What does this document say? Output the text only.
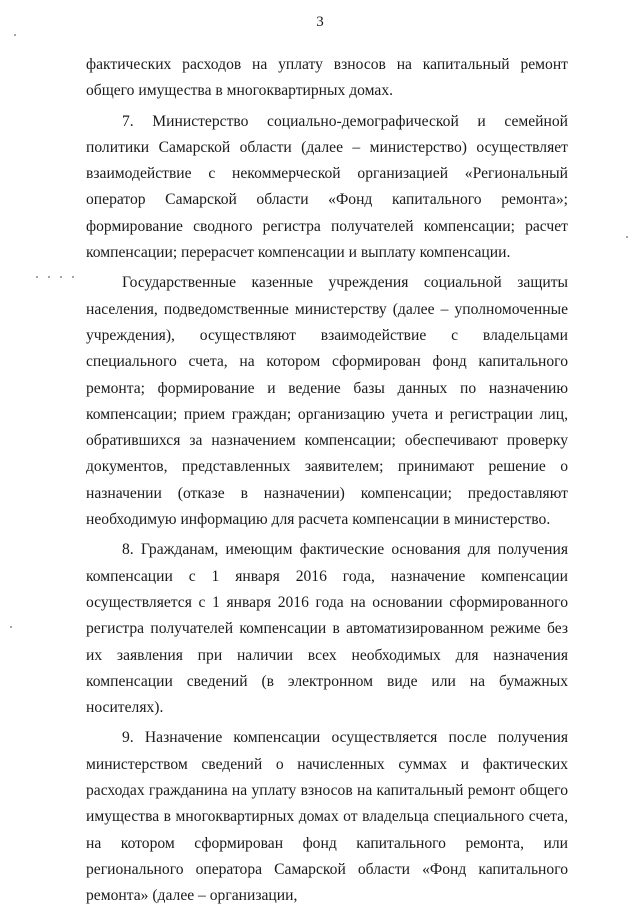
3

фактических расходов на уплату взносов на капитальный ремонт общего имущества в многоквартирных домах.

7. Министерство социально-демографической и семейной политики Самарской области (далее – министерство) осуществляет взаимодействие с некоммерческой организацией «Региональный оператор Самарской области «Фонд капитального ремонта»; формирование сводного регистра получателей компенсации; расчет компенсации; перерасчет компенсации и выплату компенсации.

Государственные казенные учреждения социальной защиты населения, подведомственные министерству (далее – уполномоченные учреждения), осуществляют взаимодействие с владельцами специального счета, на котором сформирован фонд капитального ремонта; формирование и ведение базы данных по назначению компенсации; прием граждан; организацию учета и регистрации лиц, обратившихся за назначением компенсации; обеспечивают проверку документов, представленных заявителем; принимают решение о назначении (отказе в назначении) компенсации; предоставляют необходимую информацию для расчета компенсации в министерство.

8. Гражданам, имеющим фактические основания для получения компенсации с 1 января 2016 года, назначение компенсации осуществляется с 1 января 2016 года на основании сформированного регистра получателей компенсации в автоматизированном режиме без их заявления при наличии всех необходимых для назначения компенсации сведений (в электронном виде или на бумажных носителях).

9. Назначение компенсации осуществляется после получения министерством сведений о начисленных суммах и фактических расходах гражданина на уплату взносов на капитальный ремонт общего имущества в многоквартирных домах от владельца специального счета, на котором сформирован фонд капитального ремонта, или регионального оператора Самарской области «Фонд капитального ремонта» (далее – организации,
